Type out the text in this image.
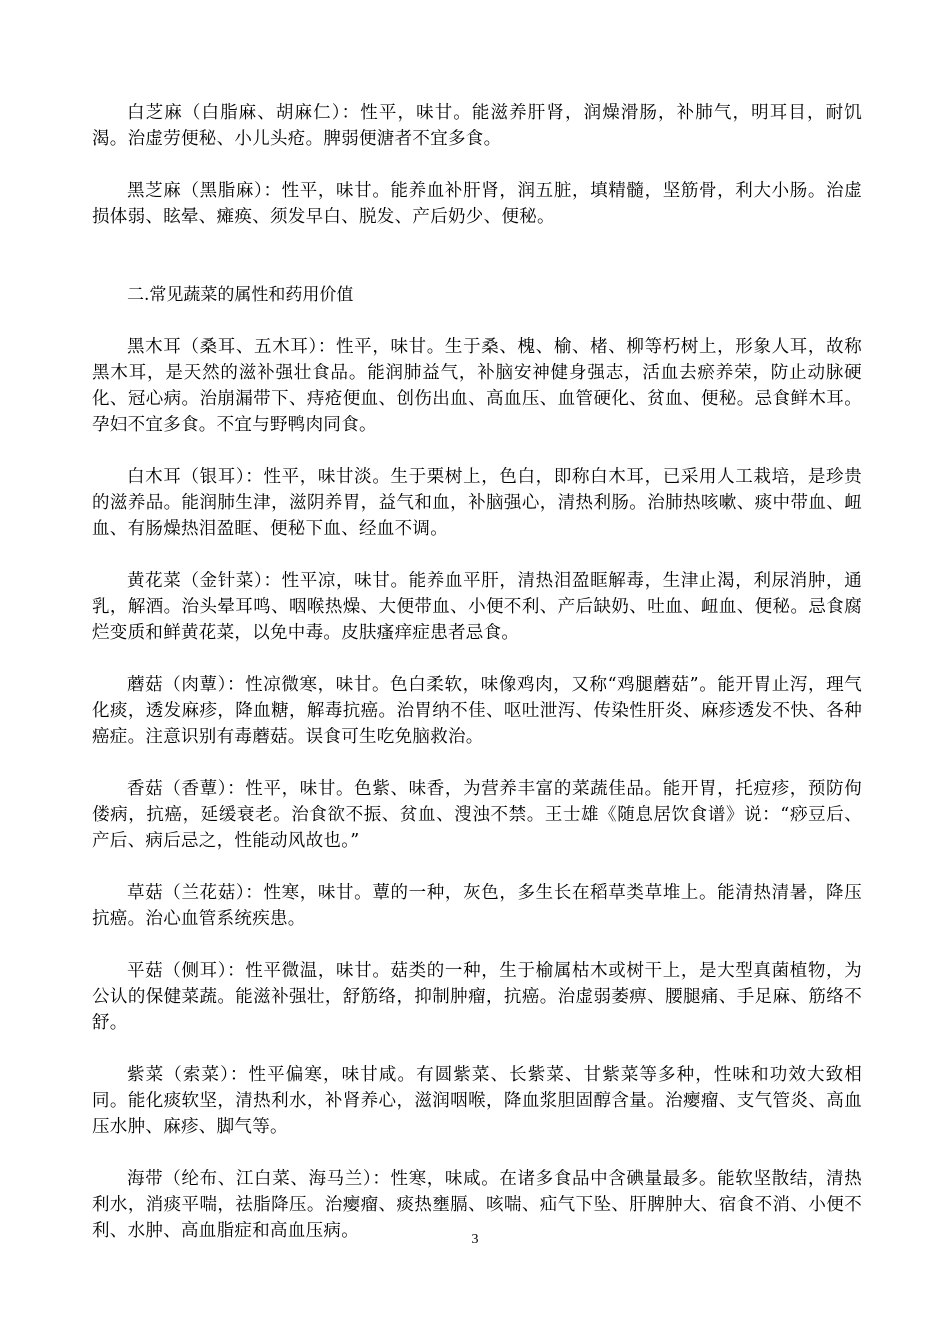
白芝麻（白脂麻、胡麻仁）：性平，味甘。能滋养肝肾，润燥滑肠，补肺气，明耳目，耐饥渴。治虚劳便秘、小儿头疮。脾弱便溏者不宜多食。

黑芝麻（黑脂麻）：性平，味甘。能养血补肝肾，润五脏，填精髓，坚筋骨，利大小肠。治虚损体弱、眩晕、瘫痪、须发早白、脱发、产后奶少、便秘。

二.常见蔬菜的属性和药用价值

黑木耳（桑耳、五木耳）：性平，味甘。生于桑、槐、榆、楮、柳等朽树上，形象人耳，故称黑木耳，是天然的滋补强壮食品。能润肺益气，补脑安神健身强志，活血去瘀养荣，防止动脉硬化、冠心病。治崩漏带下、痔疮便血、创伤出血、高血压、血管硬化、贫血、便秘。忌食鲜木耳。孕妇不宜多食。不宜与野鸭肉同食。

白木耳（银耳）：性平，味甘淡。生于栗树上，色白，即称白木耳，已采用人工栽培，是珍贵的滋养品。能润肺生津，滋阴养胃，益气和血，补脑强心，清热利肠。治肺热咳嗽、痰中带血、衄血、有肠燥热泪盈眶、便秘下血、经血不调。

黄花菜（金针菜）：性平凉，味甘。能养血平肝，清热泪盈眶解毒，生津止渴，利尿消肿，通乳，解酒。治头晕耳鸣、咽喉热燥、大便带血、小便不利、产后缺奶、吐血、衄血、便秘。忌食腐烂变质和鲜黄花菜，以免中毒。皮肤瘙痒症患者忌食。

蘑菇（肉蕈）：性凉微寒，味甘。色白柔软，味像鸡肉，又称“鸡腿蘑菇”。能开胃止泻，理气化痰，透发麻疹，降血糖，解毒抗癌。治胃纳不佳、呕吐泄泻、传染性肝炎、麻疹透发不快、各种癌症。注意识别有毒蘑菇。误食可生吃免脑救治。

香菇（香蕈）：性平，味甘。色紫、味香，为营养丰富的菜蔬佳品。能开胃，托痘疹，预防佝偻病，抗癌，延缓衰老。治食欲不振、贫血、溲浊不禁。王士雄《随息居饮食谱》说：“痧豆后、产后、病后忌之，性能动风故也。”

草菇（兰花菇）：性寒，味甘。蕈的一种，灰色，多生长在稻草类草堆上。能清热清暑，降压抗癌。治心血管系统疾患。

平菇（侧耳）：性平微温，味甘。菇类的一种，生于榆属枯木或树干上，是大型真菌植物，为公认的保健菜蔬。能滋补强壮，舒筋络，抑制肿瘤，抗癌。治虚弱萎痹、腰腿痛、手足麻、筋络不舒。

紫菜（索菜）：性平偏寒，味甘咸。有圆紫菜、长紫菜、甘紫菜等多种，性味和功效大致相同。能化痰软坚，清热利水，补肾养心，滋润咽喉，降血浆胆固醇含量。治瘿瘤、支气管炎、高血压水肿、麻疹、脚气等。

海带（纶布、江白菜、海马兰）：性寒，味咸。在诸多食品中含碘量最多。能软坚散结，清热利水，消痰平喘，祛脂降压。治瘿瘤、痰热壅膈、咳喘、疝气下坠、肝脾肿大、宿食不消、小便不利、水肿、高血脂症和高血压病。	3
